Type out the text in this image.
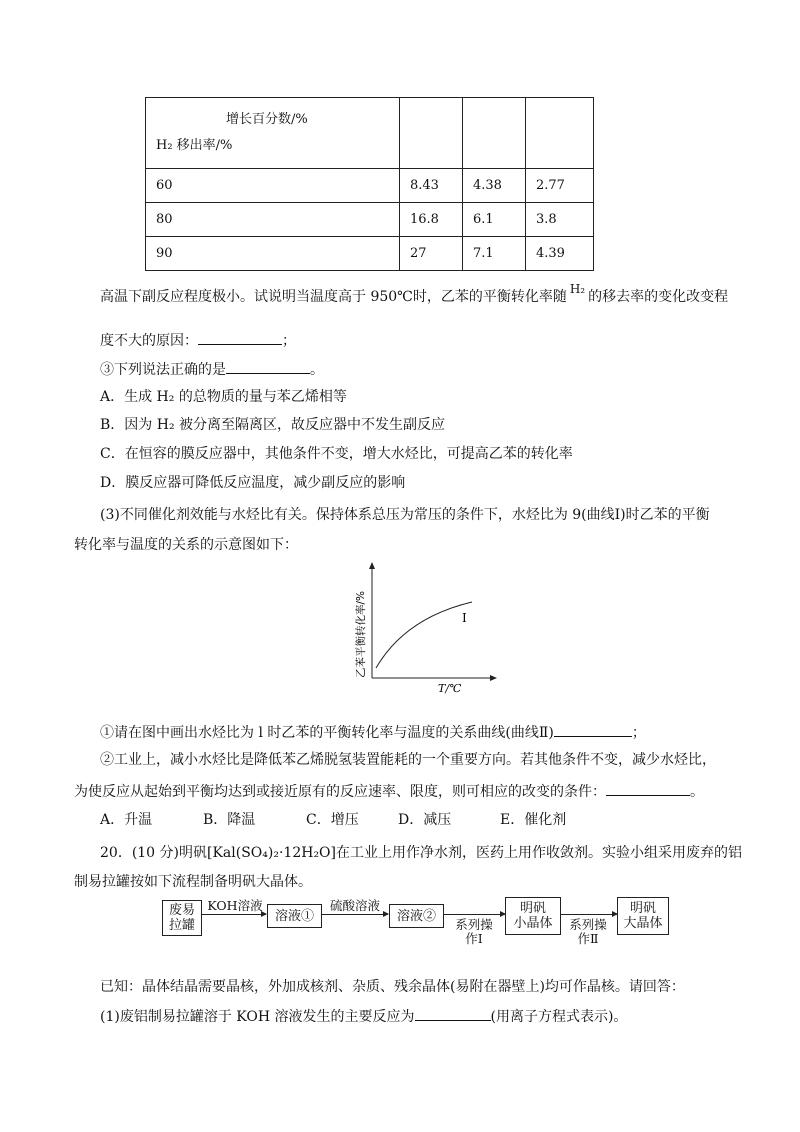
增长百分数/%
H₂ 移出率/%			

60	8.43	4.38	2.77
80	16.8	6.1	3.8
90	27	7.1	4.39
高温下副反应程度极小。试说明当温度高于 950℃时，乙苯的平衡转化率随 H₂ 的移去率的变化改变程
度不大的原因：	；
③下列说法正确的是	。
A．生成 H₂ 的总物质的量与苯乙烯相等
B．因为 H₂ 被分离至隔离区，故反应器中不发生副反应
C．在恒容的膜反应器中，其他条件不变，增大水烃比，可提高乙苯的转化率
D．膜反应器可降低反应温度，减少副反应的影响
(3)不同催化剂效能与水烃比有关。保持体系总压为常压的条件下，水烃比为 9(曲线Ⅰ)时乙苯的平衡
转化率与温度的关系的示意图如下：
I
T/℃
乙苯平衡转化率/%
①请在图中画出水烃比为 l 时乙苯的平衡转化率与温度的关系曲线(曲线Ⅱ)	；
②工业上，减小水烃比是降低苯乙烯脱氢装置能耗的一个重要方向。若其他条件不变，减少水烃比，
为使反应从起始到平衡均达到或接近原有的反应速率、限度，则可相应的改变的条件：	。
A．升温	B．降温	C．增压	D．减压	E．催化剂
20．(10 分)明矾[Kal(SO₄)₂·12H₂O]在工业上用作净水剂，医药上用作收敛剂。实验小组采用废弃的铝
制易拉罐按如下流程制备明矾大晶体。
废易
拉罐
KOH溶液
溶液①
硫酸溶液
溶液②
系列操
作Ⅰ
明矾
小晶体	系列操
作Ⅱ
明矾
大晶体
已知：晶体结晶需要晶核，外加成核剂、杂质、残余晶体(易附在器壁上)均可作晶核。请回答：
(1)废铝制易拉罐溶于 KOH 溶液发生的主要反应为	(用离子方程式表示)。
